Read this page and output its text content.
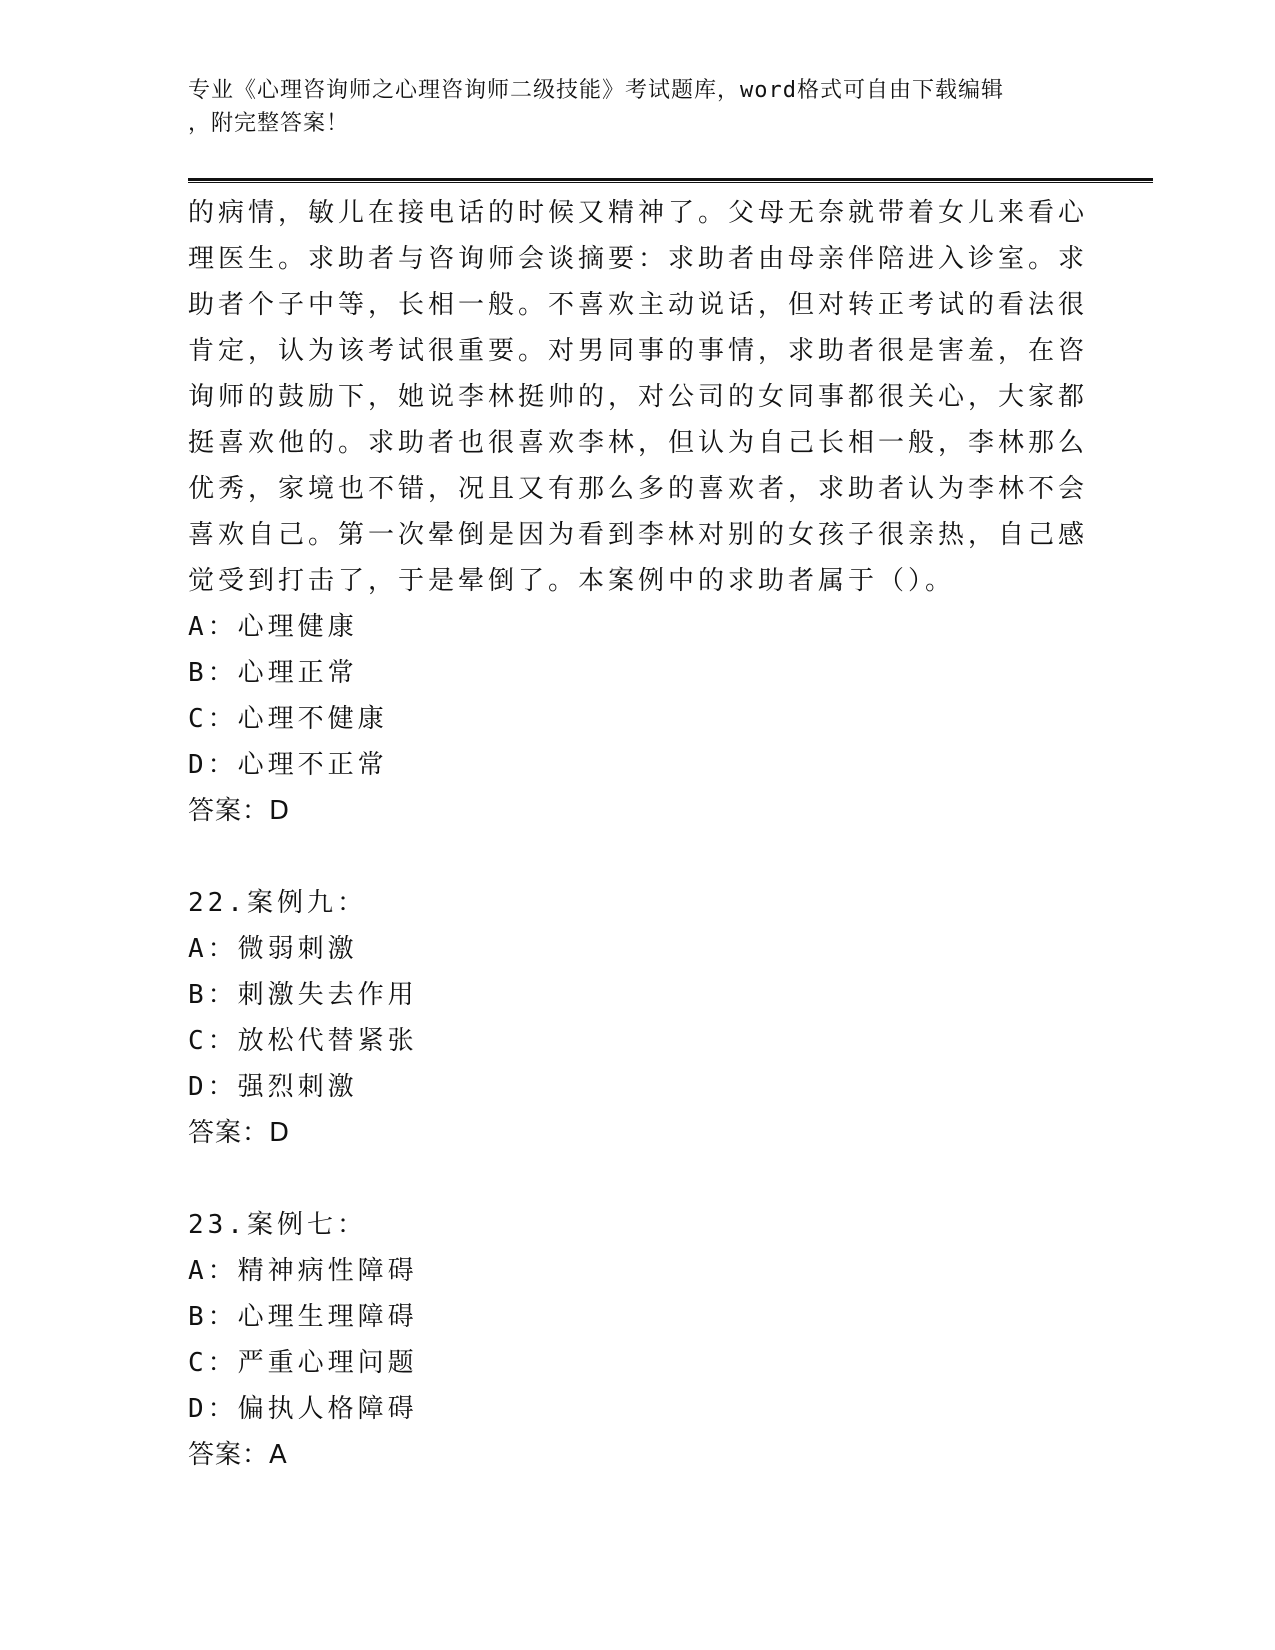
专业《心理咨询师之心理咨询师二级技能》考试题库，word格式可自由下载编辑
，附完整答案！

的病情，敏儿在接电话的时候又精神了。父母无奈就带着女儿来看心
理医生。求助者与咨询师会谈摘要：求助者由母亲伴陪进入诊室。求
助者个子中等，长相一般。不喜欢主动说话，但对转正考试的看法很
肯定，认为该考试很重要。对男同事的事情，求助者很是害羞，在咨
询师的鼓励下，她说李林挺帅的，对公司的女同事都很关心，大家都
挺喜欢他的。求助者也很喜欢李林，但认为自己长相一般，李林那么
优秀，家境也不错，况且又有那么多的喜欢者，求助者认为李林不会
喜欢自己。第一次晕倒是因为看到李林对别的女孩子很亲热，自己感
觉受到打击了，于是晕倒了。本案例中的求助者属于（）。

A：心理健康
B：心理正常
C：心理不健康
D：心理不正常
答案：D
22.案例九：
A：微弱刺激
B：刺激失去作用
C：放松代替紧张
D：强烈刺激
答案：D
23.案例七：
A：精神病性障碍
B：心理生理障碍
C：严重心理问题
D：偏执人格障碍
答案：A
